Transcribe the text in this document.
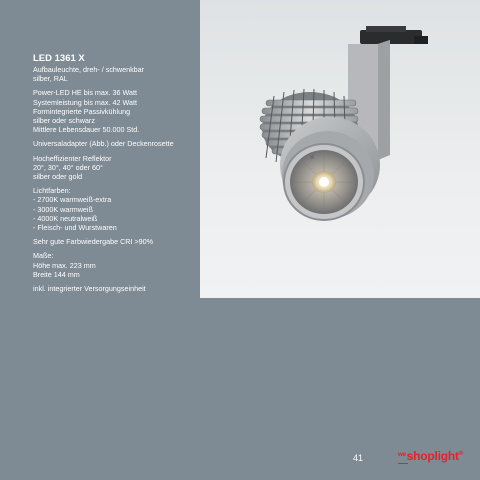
LED 1361 X
Aufbauleuchte, dreh- / schwenkbar
silber, RAL
Power-LED HE bis max. 36 Watt
Systemleistung bis max. 42 Watt
Formintegrierte Passivkühlung
silber oder schwarz
Mittlere Lebensdauer 50.000 Std.
Universaladapter (Abb.) oder Deckenrosette
Hocheffizienter Reflektor
20°, 30°, 40° oder 60°
silber oder gold
Lichtfarben:
- 2700K warmweiß-extra
- 3000K warmweiß
- 4000K neutralweiß
- Fleisch- und Wurstwaren
Sehr gute Farbwiedergabe CRI >90%
Maße:
Höhe max. 223 mm
Breite 144 mm
inkl. integrierter Versorgungseinheit
41	$^{we}$shoplight®
